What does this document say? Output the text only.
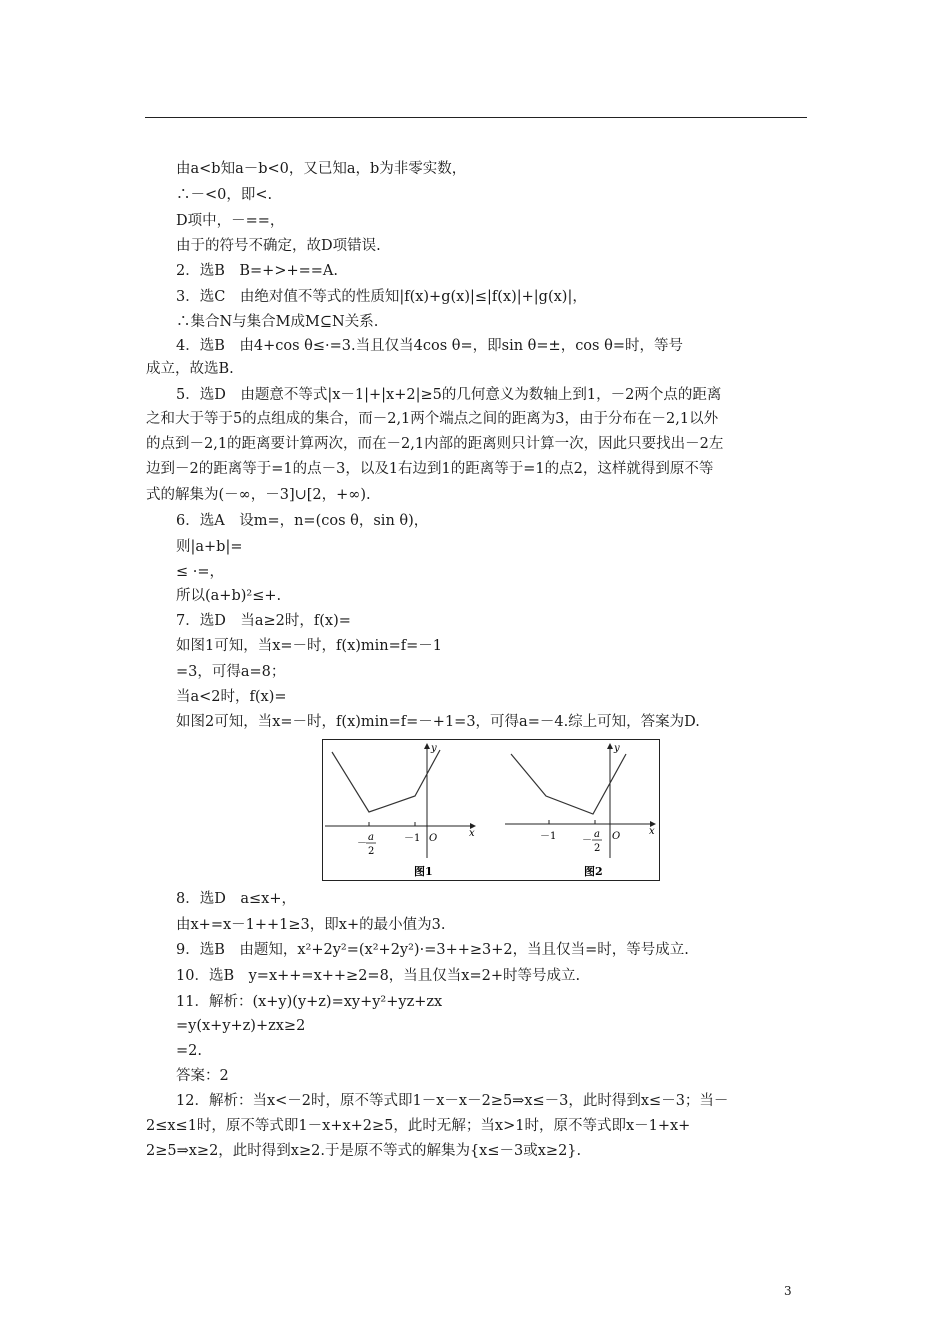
由a<b知a－b<0，又已知a，b为非零实数，
∴－<0，即<.
D项中，－==，
由于的符号不确定，故D项错误.
2．选B　B=+>+==A.
3．选C　由绝对值不等式的性质知|f(x)+g(x)|≤|f(x)|+|g(x)|，
∴集合N与集合M成M⊆N关系.
4．选B　由4+cos θ≤·=3.当且仅当4cos θ=，即sin θ=±，cos θ=时，等号
成立，故选B.
5．选D　由题意不等式|x－1|+|x+2|≥5的几何意义为数轴上到1，－2两个点的距离
之和大于等于5的点组成的集合，而－2,1两个端点之间的距离为3，由于分布在－2,1以外
的点到－2,1的距离要计算两次，而在－2,1内部的距离则只计算一次，因此只要找出－2左
边到－2的距离等于=1的点－3，以及1右边到1的距离等于=1的点2，这样就得到原不等
式的解集为(－∞，－3]∪[2，+∞).
6．选A　设m=，n=(cos θ，sin θ)，
则|a+b|=
≤ ·=，
所以(a+b)²≤+.
7．选D　当a≥2时，f(x)=
如图1可知，当x=－时，f(x)min=f=－1
=3，可得a=8；
当a<2时，f(x)=
如图2可知，当x=－时，f(x)min=f=－+1=3，可得a=－4.综上可知，答案为D.
8．选D　a≤x+，
由x+=x－1++1≥3，即x+的最小值为3.
9．选B　由题知，x²+2y²=(x²+2y²)·=3++≥3+2，当且仅当=时，等号成立.
10．选B　y=x++=x++≥2=8，当且仅当x=2+时等号成立.
11．解析：(x+y)(y+z)=xy+y²+yz+zx
=y(x+y+z)+zx≥2
=2.
答案：2
12．解析：当x<－2时，原不等式即1－x－x－2≥5⇒x≤－3，此时得到x≤－3；当－
2≤x≤1时，原不等式即1－x+x+2≥5，此时无解；当x>1时，原不等式即x－1+x+
2≥5⇒x≥2，此时得到x≥2.于是原不等式的解集为{x≤－3或x≥2}.
y
x
O
－
a
2
－1
图1
y
x
O
－1	－
a
2
图2
3
